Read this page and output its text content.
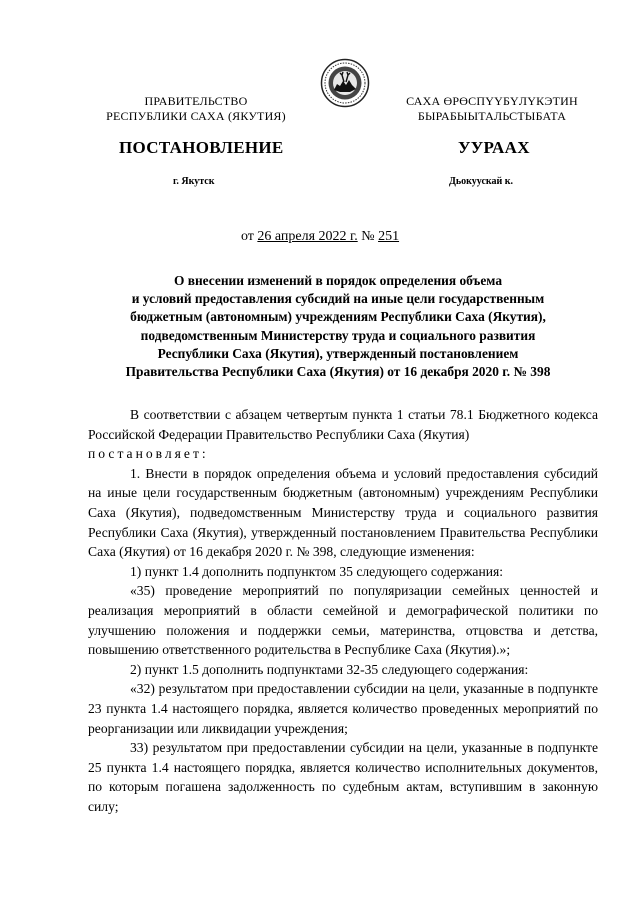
ПРАВИТЕЛЬСТВО
РЕСПУБЛИКИ САХА (ЯКУТИЯ)
САХА ӨРӨСПҮҮБҮЛҮКЭТИН
БЫРАБЫЫТАЛЬСТЫБАТА
ПОСТАНОВЛЕНИЕ	УУРААХ
г. Якутск	Дьокуускай к.
от 26 апреля 2022 г. № 251
О внесении изменений в порядок определения объема
и условий предоставления субсидий на иные цели государственным
бюджетным (автономным) учреждениям Республики Саха (Якутия),
подведомственным Министерству труда и социального развития
Республики Саха (Якутия), утвержденный постановлением
Правительства Республики Саха (Якутия) от 16 декабря 2020 г. № 398

В соответствии с абзацем четвертым пункта 1 статьи 78.1 Бюджетного кодекса Российской Федерации Правительство Республики Саха (Якутия)
постановляет:

1. Внести в порядок определения объема и условий предоставления субсидий на иные цели государственным бюджетным (автономным) учреждениям Республики Саха (Якутия), подведомственным Министерству труда и социального развития Республики Саха (Якутия), утвержденный постановлением Правительства Республики Саха (Якутия) от 16 декабря 2020 г. № 398, следующие изменения:

1) пункт 1.4 дополнить подпунктом 35 следующего содержания:

«35) проведение мероприятий по популяризации семейных ценностей и реализация мероприятий в области семейной и демографической политики по улучшению положения и поддержки семьи, материнства, отцовства и детства, повышению ответственного родительства в Республике Саха (Якутия).»;

2) пункт 1.5 дополнить подпунктами 32-35 следующего содержания:

«32) результатом при предоставлении субсидии на цели, указанные в подпункте 23 пункта 1.4 настоящего порядка, является количество проведенных мероприятий по реорганизации или ликвидации учреждения;

33) результатом при предоставлении субсидии на цели, указанные в подпункте 25 пункта 1.4 настоящего порядка, является количество исполнительных документов, по которым погашена задолженность по судебным актам, вступившим в законную силу;
